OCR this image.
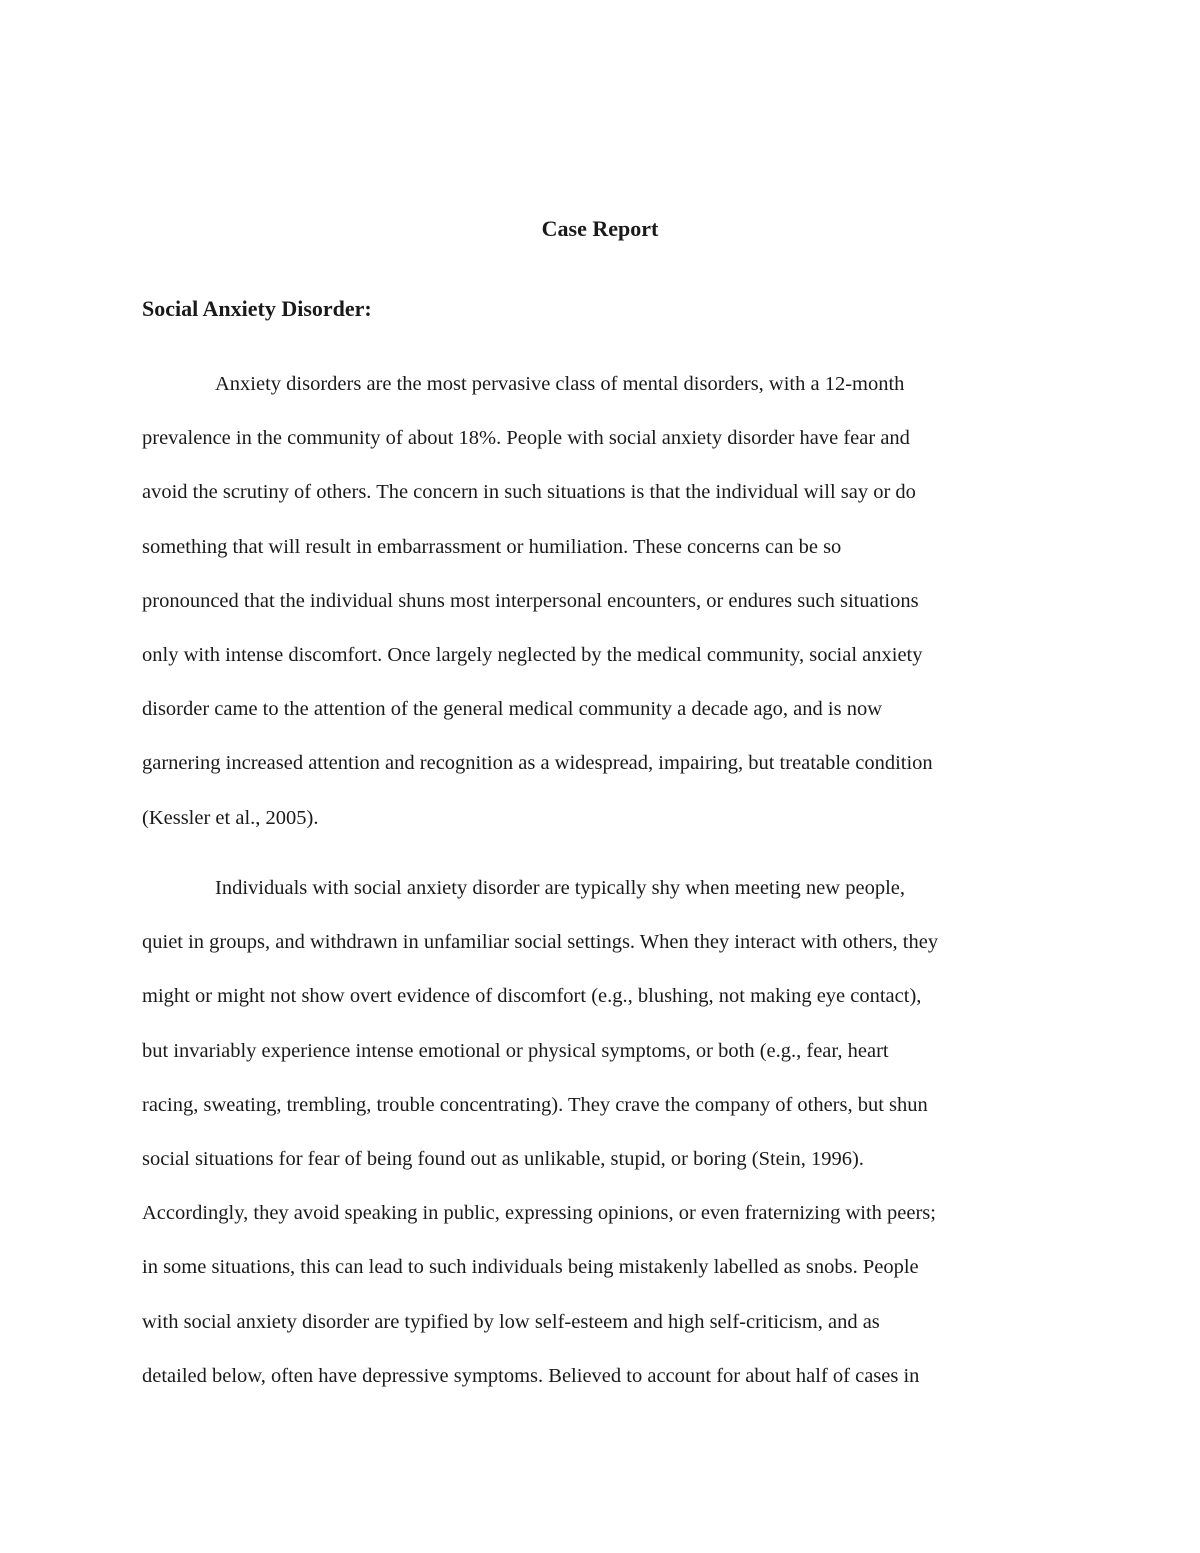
Case Report
Social Anxiety Disorder:
Anxiety disorders are the most pervasive class of mental disorders, with a 12-month
prevalence in the community of about 18%. People with social anxiety disorder have fear and
avoid the scrutiny of others. The concern in such situations is that the individual will say or do
something that will result in embarrassment or humiliation. These concerns can be so
pronounced that the individual shuns most interpersonal encounters, or endures such situations
only with intense discomfort. Once largely neglected by the medical community, social anxiety
disorder came to the attention of the general medical community a decade ago, and is now
garnering increased attention and recognition as a widespread, impairing, but treatable condition
(Kessler et al., 2005).
Individuals with social anxiety disorder are typically shy when meeting new people,
quiet in groups, and withdrawn in unfamiliar social settings. When they interact with others, they
might or might not show overt evidence of discomfort (e.g., blushing, not making eye contact),
but invariably experience intense emotional or physical symptoms, or both (e.g., fear, heart
racing, sweating, trembling, trouble concentrating). They crave the company of others, but shun
social situations for fear of being found out as unlikable, stupid, or boring (Stein, 1996).
Accordingly, they avoid speaking in public, expressing opinions, or even fraternizing with peers;
in some situations, this can lead to such individuals being mistakenly labelled as snobs. People
with social anxiety disorder are typified by low self-esteem and high self-criticism, and as
detailed below, often have depressive symptoms. Believed to account for about half of cases in
